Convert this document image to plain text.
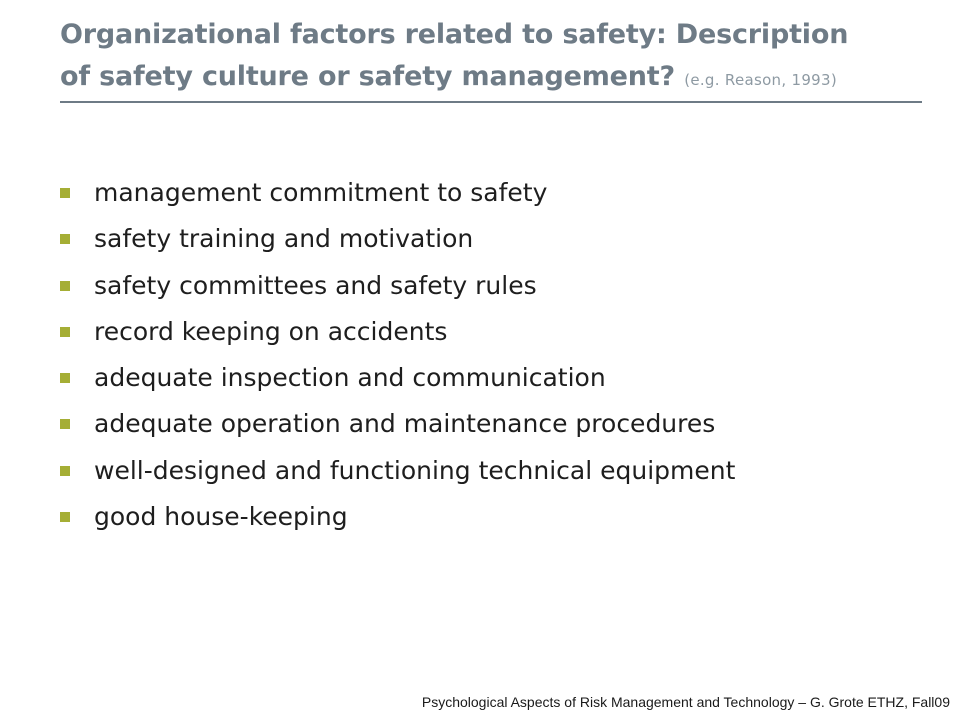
Organizational factors related to safety: Description
of safety culture or safety management? (e.g. Reason, 1993)
management commitment to safety
safety training and motivation
safety committees and safety rules
record keeping on accidents
adequate inspection and communication
adequate operation and maintenance procedures
well-designed and functioning technical equipment
good house-keeping
Psychological Aspects of Risk Management and Technology – G. Grote ETHZ, Fall09
